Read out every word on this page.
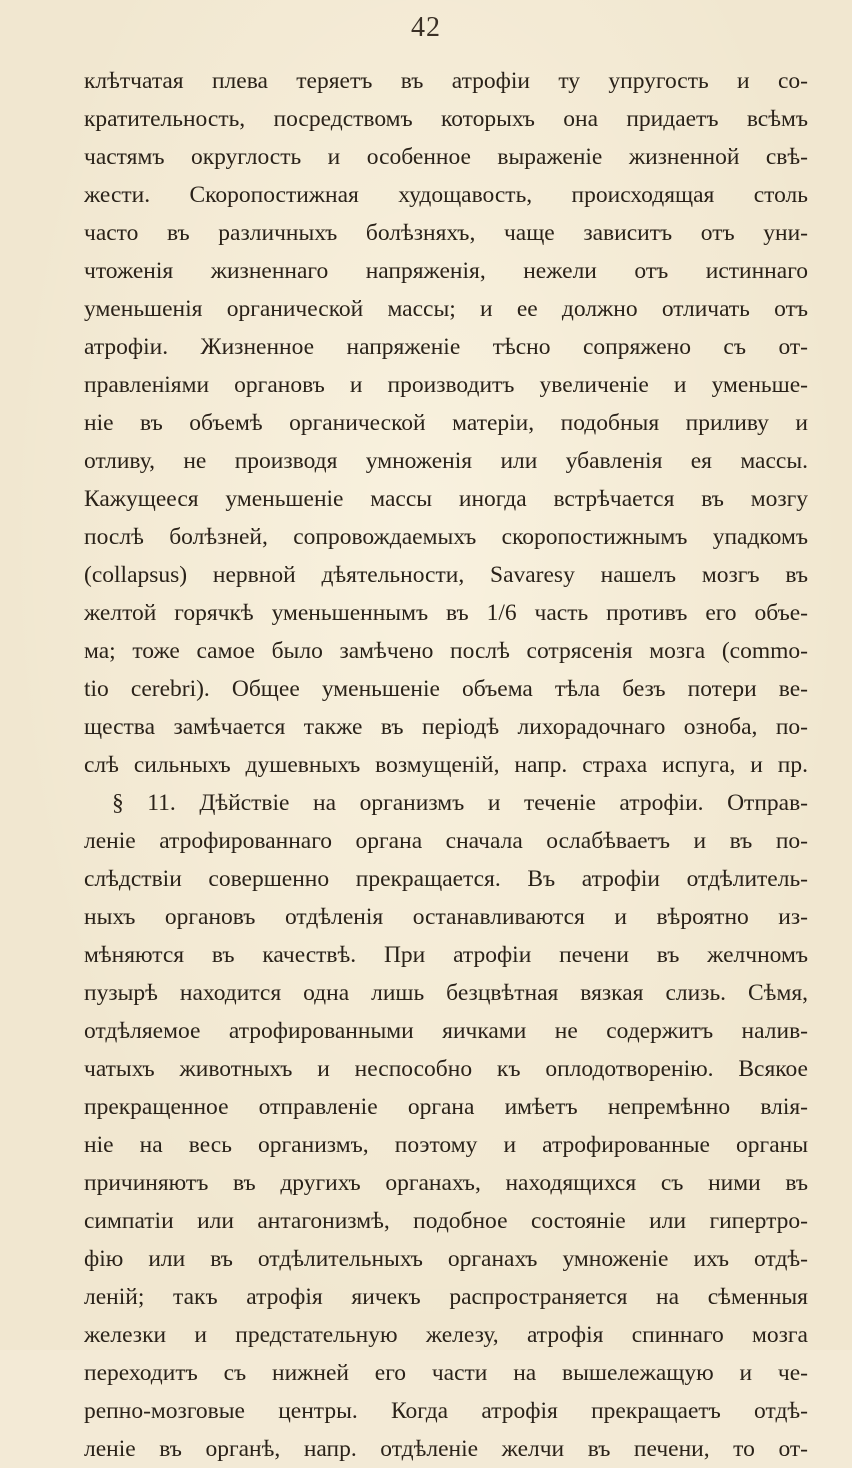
42
клѣтчатая плева теряетъ въ атрофіи ту упругость и со-
кратительность, посредствомъ которыхъ она придаетъ всѣмъ
частямъ округлость и особенное выраженіе жизненной свѣ-
жести. Скоропостижная худощавость, происходящая столь
часто въ различныхъ болѣзняхъ, чаще зависитъ отъ уни-
чтоженія жизненнаго напряженія, нежели отъ истиннаго
уменьшенія органической массы; и ее должно отличать отъ
атрофіи. Жизненное напряженіе тѣсно сопряжено съ от-
правленіями органовъ и производитъ увеличеніе и уменьше-
ніе въ объемѣ органической матеріи, подобныя приливу и
отливу, не производя умноженія или убавленія ея массы.
Кажущееся уменьшеніе массы иногда встрѣчается въ мозгу
послѣ болѣзней, сопровождаемыхъ скоропостижнымъ упадкомъ
(collapsus) нервной дѣятельности, Savaresy нашелъ мозгъ въ
желтой горячкѣ уменьшеннымъ въ 1/6 часть противъ его объе-
ма; тоже самое было замѣчено послѣ сотрясенія мозга (commo-
tio cerebri). Общее уменьшеніе объема тѣла безъ потери ве-
щества замѣчается также въ періодѣ лихорадочнаго озноба, по-
слѣ сильныхъ душевныхъ возмущеній, напр. страха испуга, и пр.
§ 11. Дѣйствіе на организмъ и теченіе атрофіи. Отправ-
леніе атрофированнаго органа сначала ослабѣваетъ и въ по-
слѣдствіи совершенно прекращается. Въ атрофіи отдѣлитель-
ныхъ органовъ отдѣленія останавливаются и вѣроятно из-
мѣняются въ качествѣ. При атрофіи печени въ желчномъ
пузырѣ находится одна лишь безцвѣтная вязкая слизь. Сѣмя,
отдѣляемое атрофированными яичками не содержитъ налив-
чатыхъ животныхъ и неспособно къ оплодотворенію. Всякое
прекращенное отправленіе органа имѣетъ непремѣнно влія-
ніе на весь организмъ, поэтому и атрофированные органы
причиняютъ въ другихъ органахъ, находящихся съ ними въ
симпатіи или антагонизмѣ, подобное состояніе или гипертро-
фію или въ отдѣлительныхъ органахъ умноженіе ихъ отдѣ-
леній; такъ атрофія яичекъ распространяется на сѣменныя
железки и предстательную железу, атрофія спиннаго мозга
переходитъ съ нижней его части на вышележащую и че-
репно-мозговые центры. Когда атрофія прекращаетъ отдѣ-
леніе въ органѣ, напр. отдѣленіе желчи въ печени, то от-
